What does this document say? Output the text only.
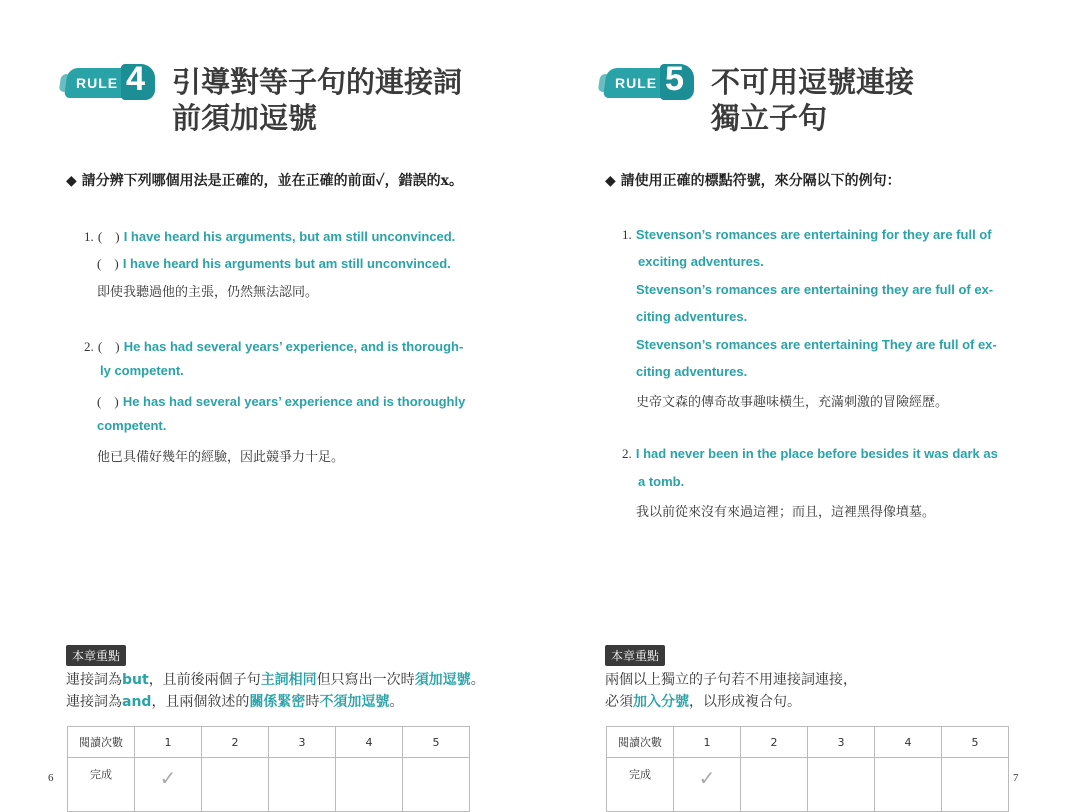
RULE 4 引導對等子句的連接詞
前須加逗號
◆ 請分辨下列哪個用法是正確的，並在正確的前面✓，錯誤的x。
1. (　) I have heard his arguments, but am still unconvinced.
(　) I have heard his arguments but am still unconvinced.
即使我聽過他的主張，仍然無法認同。
2. (　) He has had several years’ experience, and is thorough-
ly competent.
(　) He has had several years’ experience and is thoroughly
competent.
他已具備好幾年的經驗，因此競爭力十足。
本章重點
連接詞為but，且前後兩個子句主詞相同但只寫出一次時須加逗號。
連接詞為and，且兩個敘述的關係緊密時不須加逗號。
閱讀次數	1	2	3	4	5
完成	✓				
6
RULE 5 不可用逗號連接
獨立子句
◆ 請使用正確的標點符號，來分隔以下的例句：
1. Stevenson’s romances are entertaining for they are full of
exciting adventures.
Stevenson’s romances are entertaining they are full of ex-
citing adventures.
Stevenson’s romances are entertaining They are full of ex-
citing adventures.
史帝文森的傳奇故事趣味橫生，充滿刺激的冒險經歷。
2. I had never been in the place before besides it was dark as
a tomb.
我以前從來沒有來過這裡；而且，這裡黑得像墳墓。
本章重點
兩個以上獨立的子句若不用連接詞連接，
必須加入分號，以形成複合句。
閱讀次數	1	2	3	4	5
完成	✓					7
